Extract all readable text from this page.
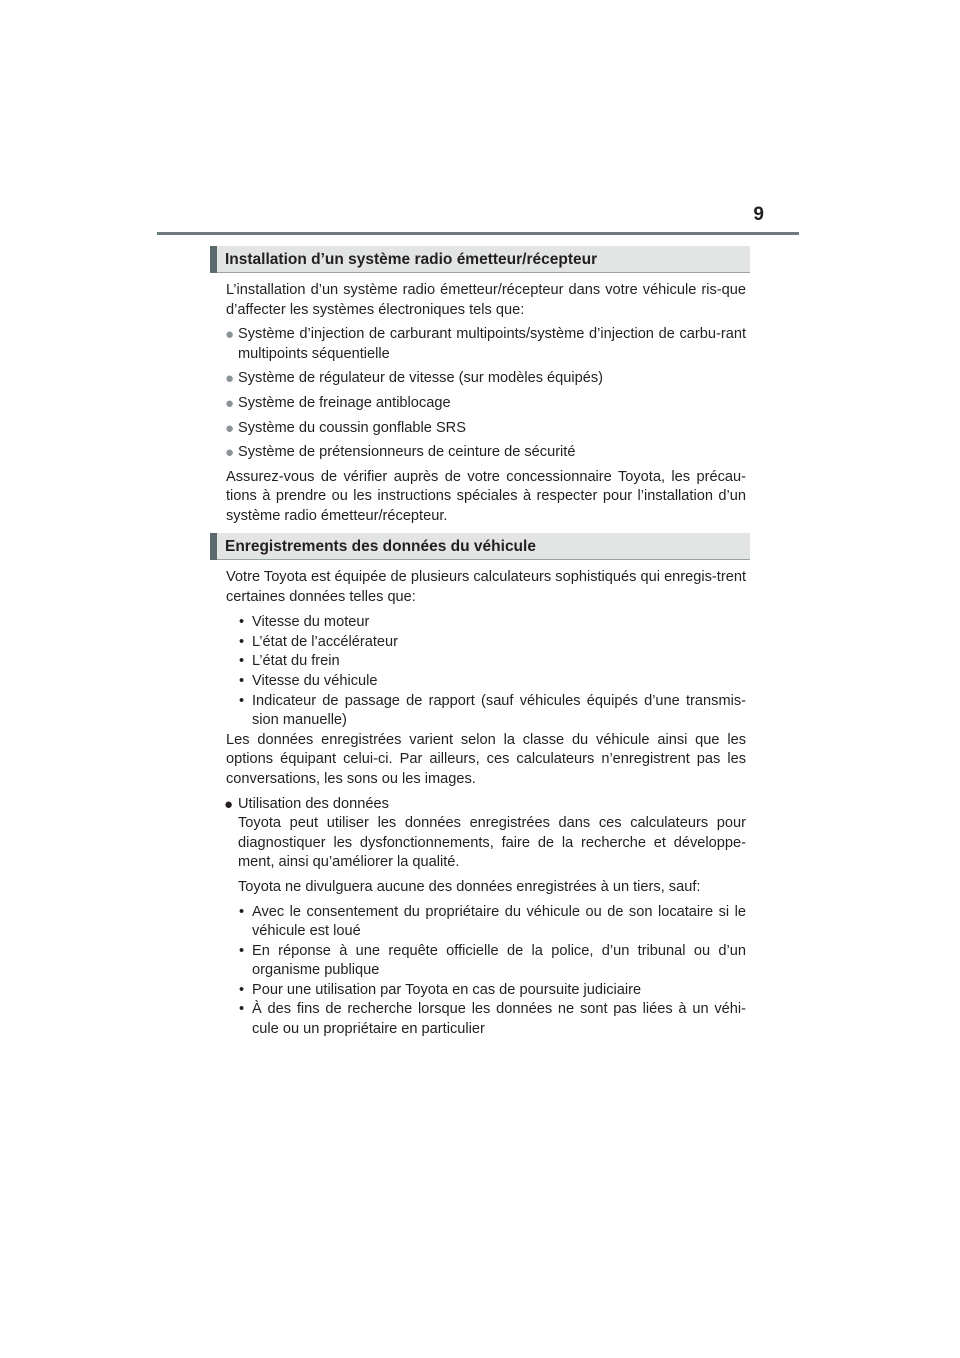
9
Installation d’un système radio émetteur/récepteur

L’installation d’un système radio émetteur/récepteur dans votre véhicule ris-que d’affecter les systèmes électroniques tels que:

● Système d’injection de carburant multipoints/système d’injection de carbu-rant multipoints séquentielle

● Système de régulateur de vitesse (sur modèles équipés)

● Système de freinage antiblocage

● Système du coussin gonflable SRS

● Système de prétensionneurs de ceinture de sécurité

Assurez-vous de vérifier auprès de votre concessionnaire Toyota, les précau-tions à prendre ou les instructions spéciales à respecter pour l’installation d’un système radio émetteur/récepteur.

Enregistrements des données du véhicule

Votre Toyota est équipée de plusieurs calculateurs sophistiqués qui enregis-trent certaines données telles que:

• Vitesse du moteur

• L’état de l’accélérateur

• L’état du frein

• Vitesse du véhicule

• Indicateur de passage de rapport (sauf véhicules équipés d’une transmis-sion manuelle)

Les données enregistrées varient selon la classe du véhicule ainsi que les options équipant celui-ci. Par ailleurs, ces calculateurs n’enregistrent pas les conversations, les sons ou les images.

● Utilisation des données

Toyota peut utiliser les données enregistrées dans ces calculateurs pour diagnostiquer les dysfonctionnements, faire de la recherche et développe-ment, ainsi qu’améliorer la qualité.

Toyota ne divulguera aucune des données enregistrées à un tiers, sauf:

• Avec le consentement du propriétaire du véhicule ou de son locataire si le véhicule est loué

• En réponse à une requête officielle de la police, d’un tribunal ou d’un organisme publique

• Pour une utilisation par Toyota en cas de poursuite judiciaire

• À des fins de recherche lorsque les données ne sont pas liées à un véhi-cule ou un propriétaire en particulier
